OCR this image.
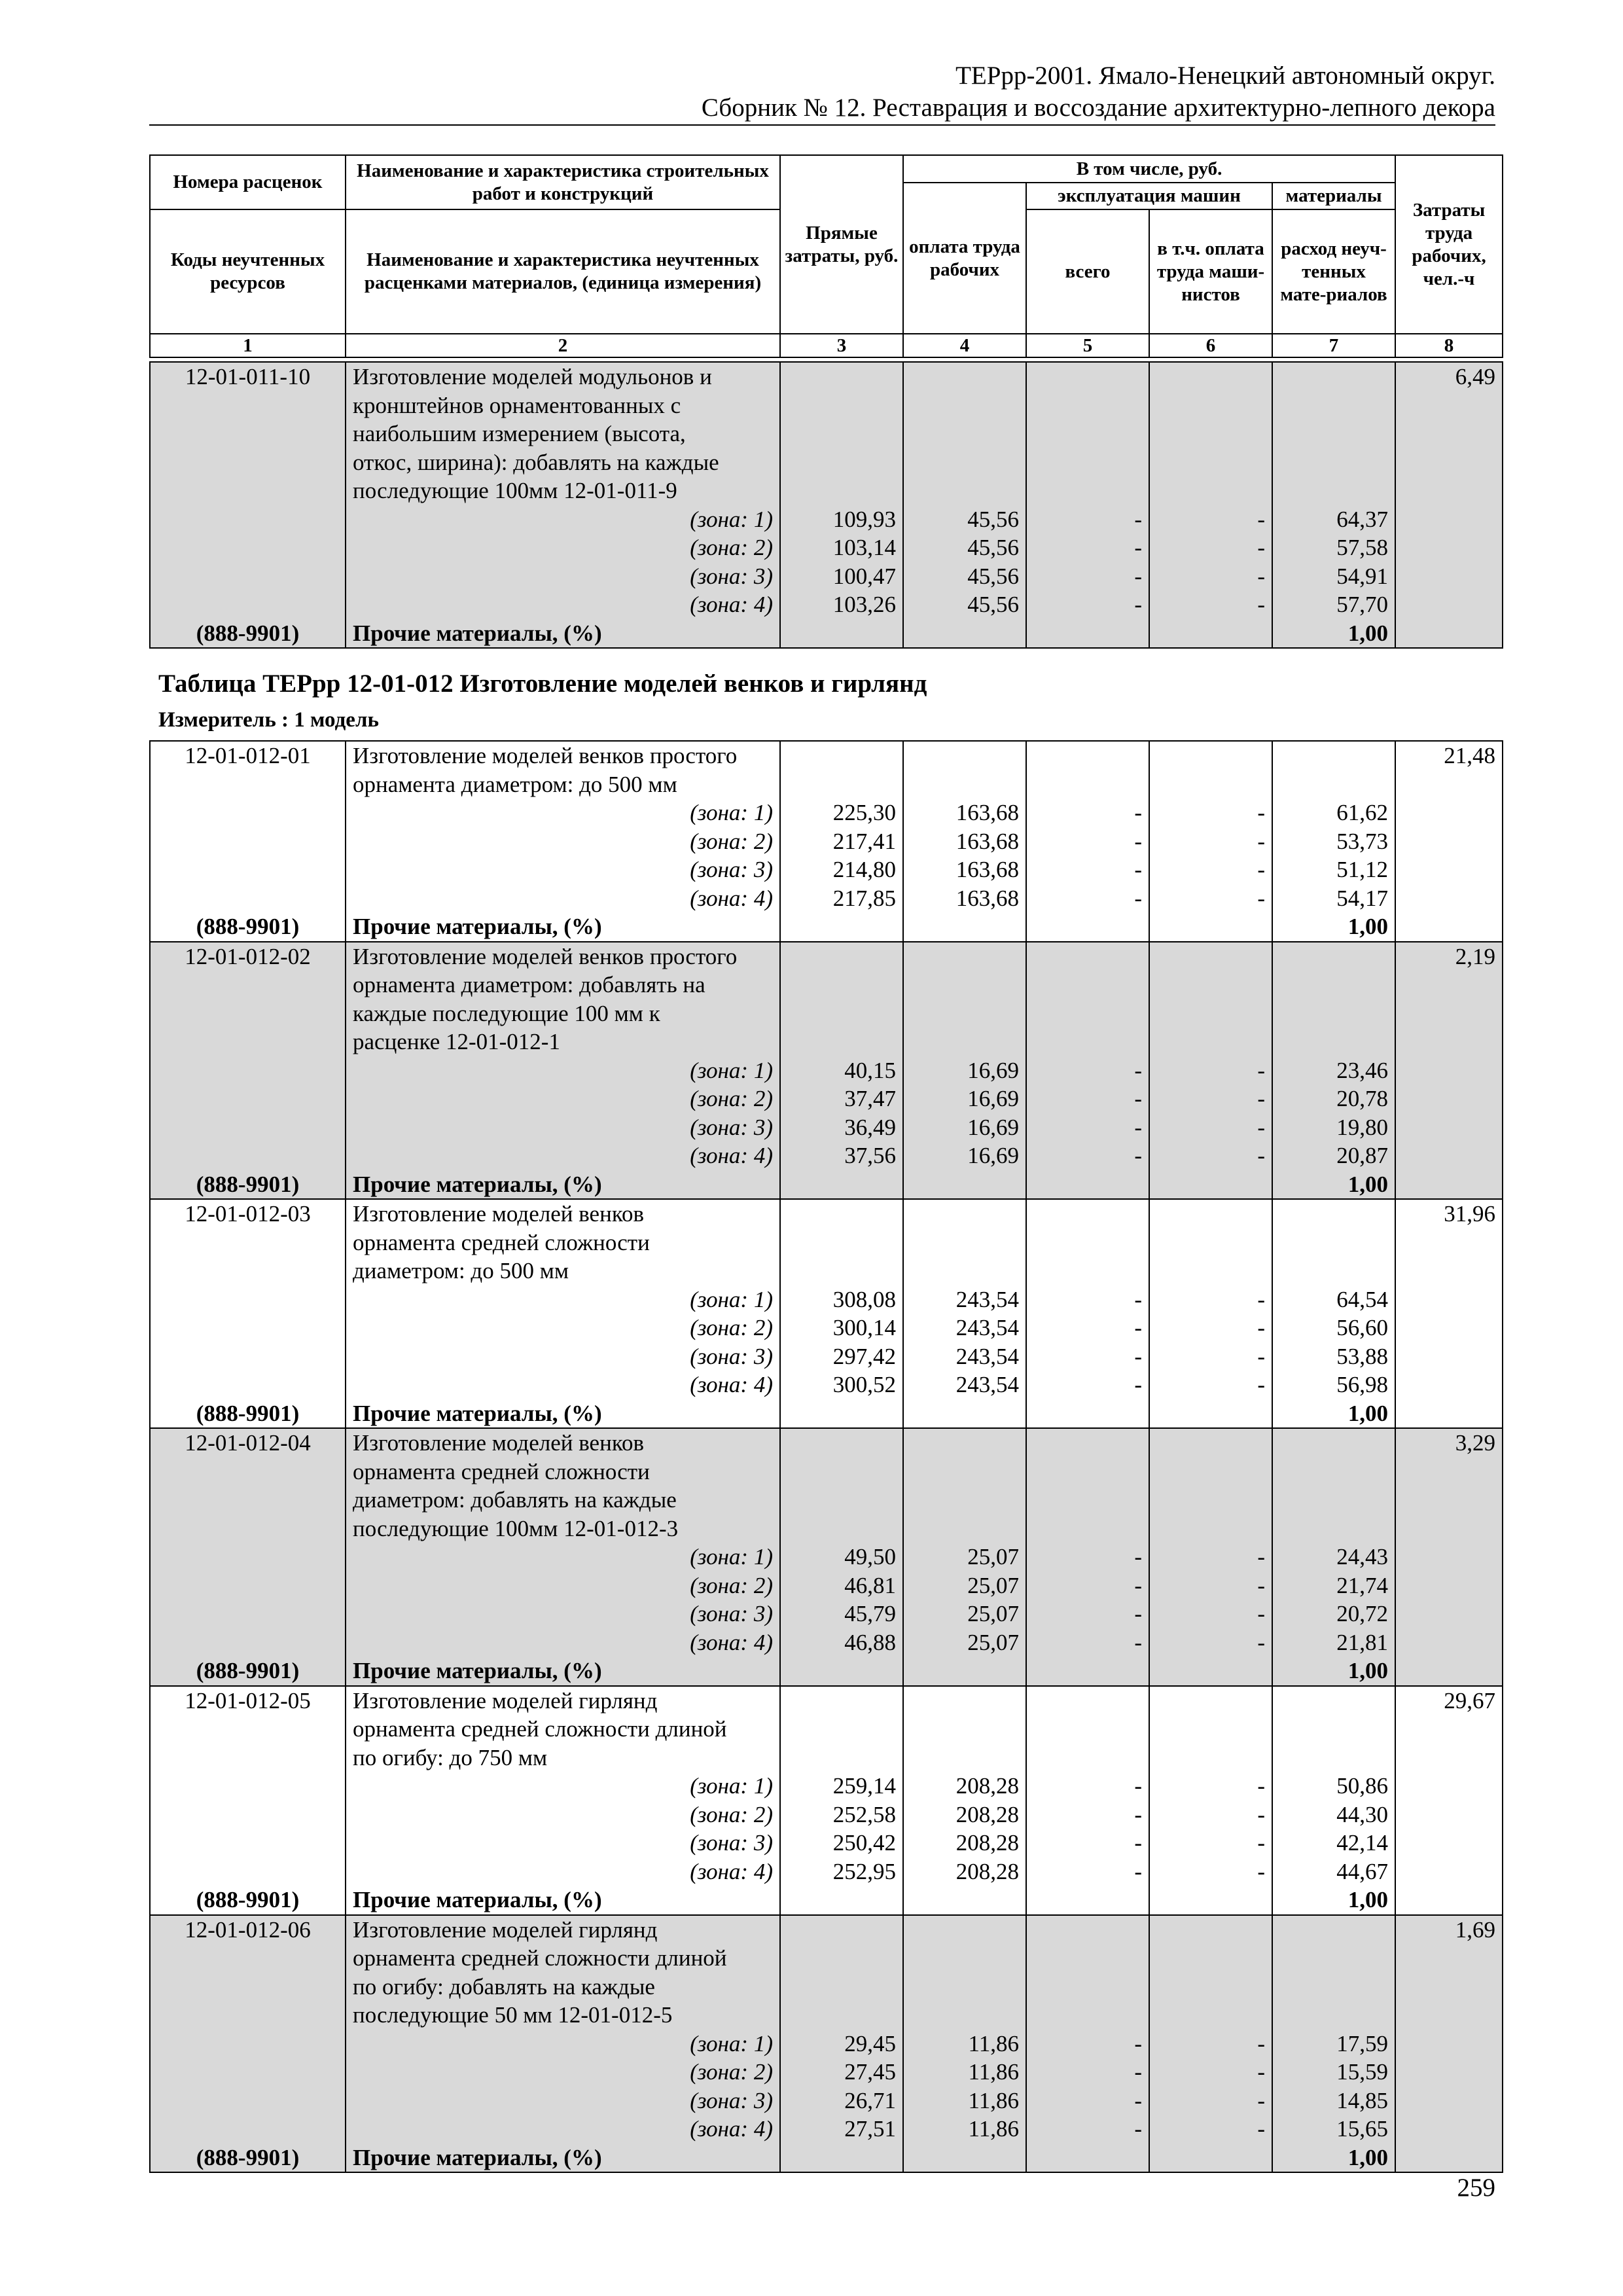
ТЕРрр-2001. Ямало-Ненецкий автономный округ.
Сборник № 12. Реставрация и воссоздание архитектурно-лепного декора
Номера расценок	Наименование и характеристика строительных работ и конструкций	Прямые затраты, руб.	В том числе, руб.				Затраты труда рабочих, чел.-ч
			оплата труда рабочих	эксплуатация машин		материалы	
Коды неучтенных ресурсов	Наименование и характеристика неучтенных расценками материалов, (единица измерения)			всего	в т.ч. оплата труда маши-нистов	расход неуч-тенных мате-риалов	
1	2	3	4	5	6	7	8
12-01-011-10	Изготовление моделей модульонов и						6,49
	кронштейнов орнаментованных с						
	наибольшим измерением (высота,						
	откос, ширина): добавлять на каждые						
	последующие 100мм 12-01-011-9						
	(зона: 1)	109,93	45,56	-	-	64,37	
	(зона: 2)	103,14	45,56	-	-	57,58	
	(зона: 3)	100,47	45,56	-	-	54,91	
	(зона: 4)	103,26	45,56	-	-	57,70	
(888-9901)	Прочие материалы, (%)					1,00	
Таблица ТЕРрр 12-01-012 Изготовление моделей венков и гирлянд
Измеритель : 1 модель
12-01-012-01	Изготовление моделей венков простого						21,48
	орнамента диаметром: до 500 мм						
	(зона: 1)	225,30	163,68	-	-	61,62	
	(зона: 2)	217,41	163,68	-	-	53,73	
	(зона: 3)	214,80	163,68	-	-	51,12	
	(зона: 4)	217,85	163,68	-	-	54,17	
(888-9901)	Прочие материалы, (%)					1,00	
12-01-012-02	Изготовление моделей венков простого						2,19
	орнамента диаметром: добавлять на						
	каждые последующие 100 мм к						
	расценке 12-01-012-1						
	(зона: 1)	40,15	16,69	-	-	23,46	
	(зона: 2)	37,47	16,69	-	-	20,78	
	(зона: 3)	36,49	16,69	-	-	19,80	
	(зона: 4)	37,56	16,69	-	-	20,87	
(888-9901)	Прочие материалы, (%)					1,00	
12-01-012-03	Изготовление моделей венков						31,96
	орнамента средней сложности						
	диаметром: до 500 мм						
	(зона: 1)	308,08	243,54	-	-	64,54	
	(зона: 2)	300,14	243,54	-	-	56,60	
	(зона: 3)	297,42	243,54	-	-	53,88	
	(зона: 4)	300,52	243,54	-	-	56,98	
(888-9901)	Прочие материалы, (%)					1,00	
12-01-012-04	Изготовление моделей венков						3,29
	орнамента средней сложности						
	диаметром: добавлять на каждые						
	последующие 100мм 12-01-012-3						
	(зона: 1)	49,50	25,07	-	-	24,43	
	(зона: 2)	46,81	25,07	-	-	21,74	
	(зона: 3)	45,79	25,07	-	-	20,72	
	(зона: 4)	46,88	25,07	-	-	21,81	
(888-9901)	Прочие материалы, (%)					1,00	
12-01-012-05	Изготовление моделей гирлянд						29,67
	орнамента средней сложности длиной						
	по огибу: до 750 мм						
	(зона: 1)	259,14	208,28	-	-	50,86	
	(зона: 2)	252,58	208,28	-	-	44,30	
	(зона: 3)	250,42	208,28	-	-	42,14	
	(зона: 4)	252,95	208,28	-	-	44,67	
(888-9901)	Прочие материалы, (%)					1,00	
12-01-012-06	Изготовление моделей гирлянд						1,69
	орнамента средней сложности длиной						
	по огибу: добавлять на каждые						
	последующие 50 мм 12-01-012-5						
	(зона: 1)	29,45	11,86	-	-	17,59	
	(зона: 2)	27,45	11,86	-	-	15,59	
	(зона: 3)	26,71	11,86	-	-	14,85	
	(зона: 4)	27,51	11,86	-	-	15,65	
(888-9901)	Прочие материалы, (%)					1,00	
259
